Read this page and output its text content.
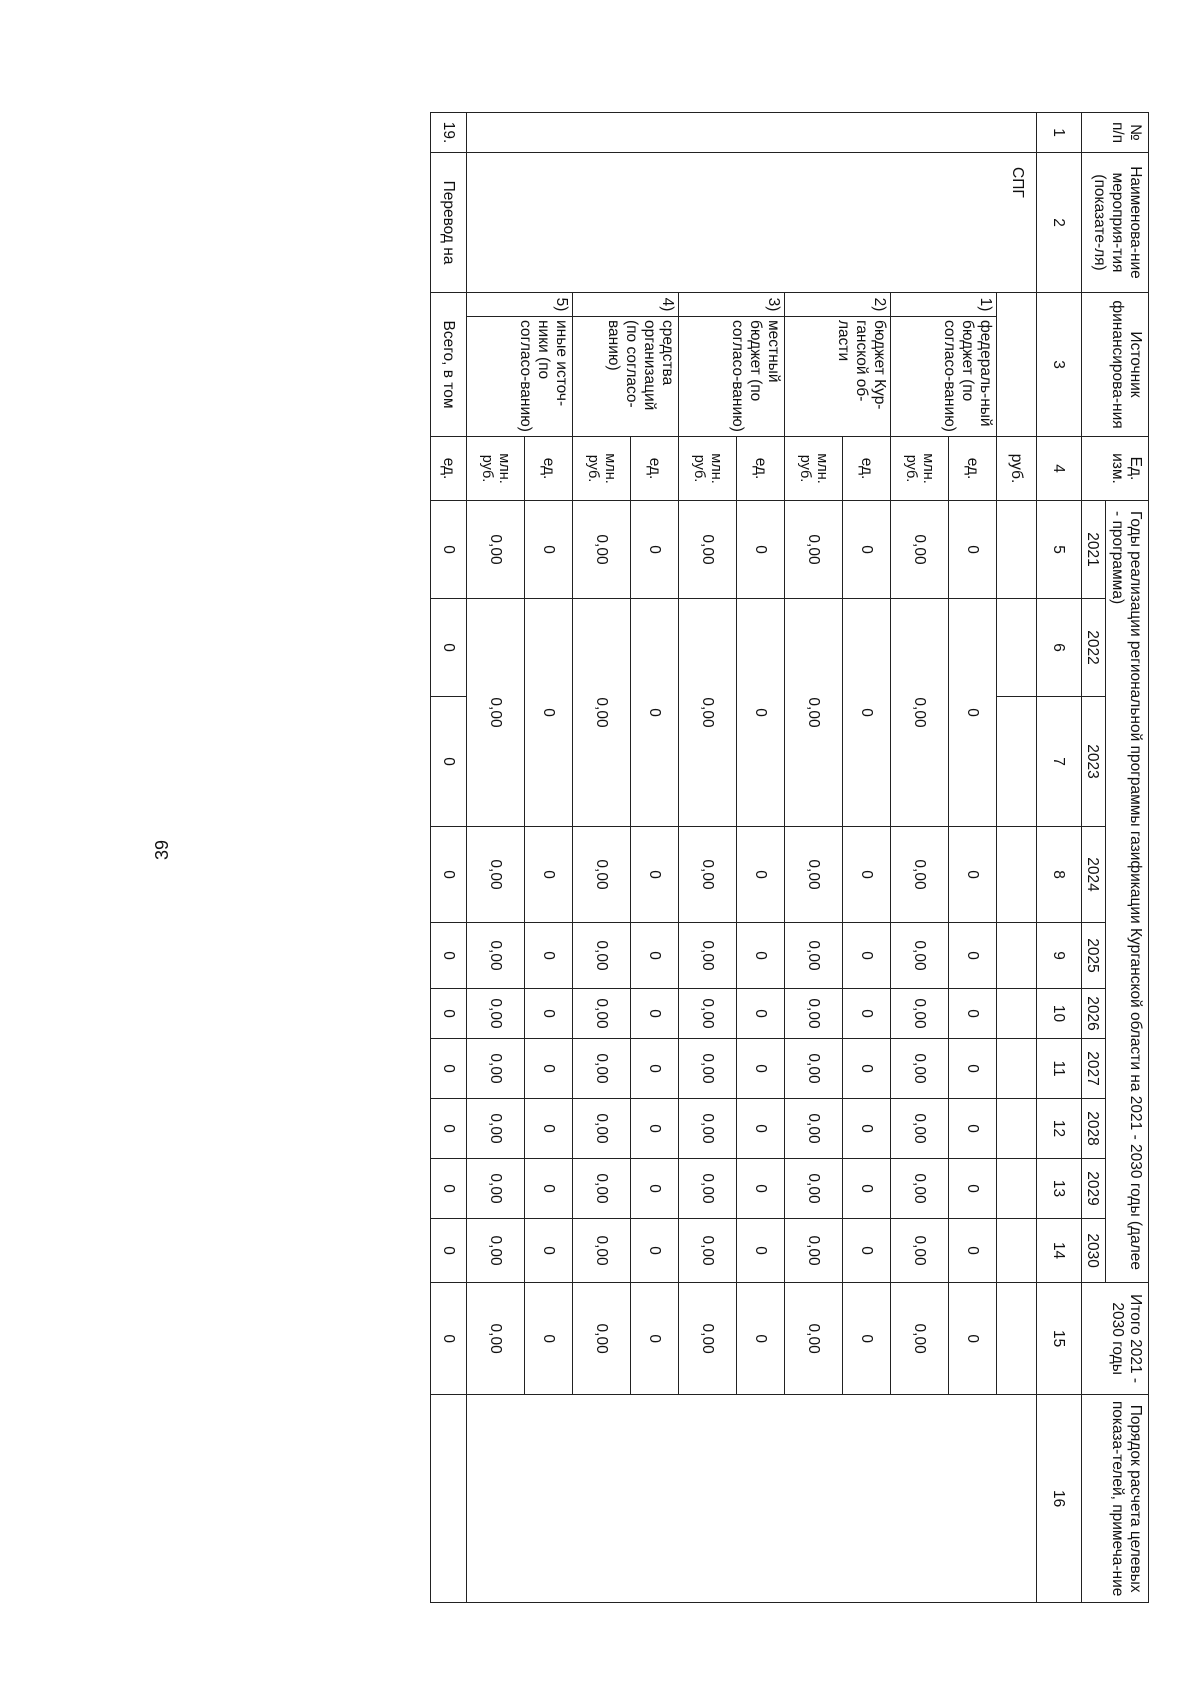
39
№ п/п	Наименова-ние мероприя-тия (показате-ля)	Источник финансирова-ния		Ед. изм.	Годы реализации региональной программы газификации Курганской области на 2021 - 2030 годы (далее - программа)										Итого 2021 - 2030 годы	Порядок расчета целевых показа-телей, примеча-ние
					2021	2022	2023	2024	2025	2026	2027	2028	2029	2030		
1	2	3		4	5	6	7	8	9	10	11	12	13	14	15	16
	СПГ			руб.												
		1)	федераль-ный бюджет (по согласо-ванию)	ед.	0	0		0	0	0	0	0	0	0	0	
				млн. руб.	0,00	0,00		0,00	0,00	0,00	0,00	0,00	0,00	0,00	0,00	
		2)	бюджет Кур-ганской об-ласти	ед.	0	0		0	0	0	0	0	0	0	0	
				млн. руб.	0,00	0,00		0,00	0,00	0,00	0,00	0,00	0,00	0,00	0,00	
		3)	местный бюджет (по согласо-ванию)	ед.	0	0		0	0	0	0	0	0	0	0	
				млн. руб.	0,00	0,00		0,00	0,00	0,00	0,00	0,00	0,00	0,00	0,00	
		4)	средства организаций (по согласо-ванию)	ед.	0	0		0	0	0	0	0	0	0	0	
				млн. руб.	0,00	0,00		0,00	0,00	0,00	0,00	0,00	0,00	0,00	0,00	
		5)	иные источ-ники (по согласо-ванию)	ед.	0	0		0	0	0	0	0	0	0	0	
				млн. руб.	0,00	0,00		0,00	0,00	0,00	0,00	0,00	0,00	0,00	0,00	
19.	Перевод на	Всего, в том		ед.	0	0	0	0	0	0	0	0	0	0	0	
